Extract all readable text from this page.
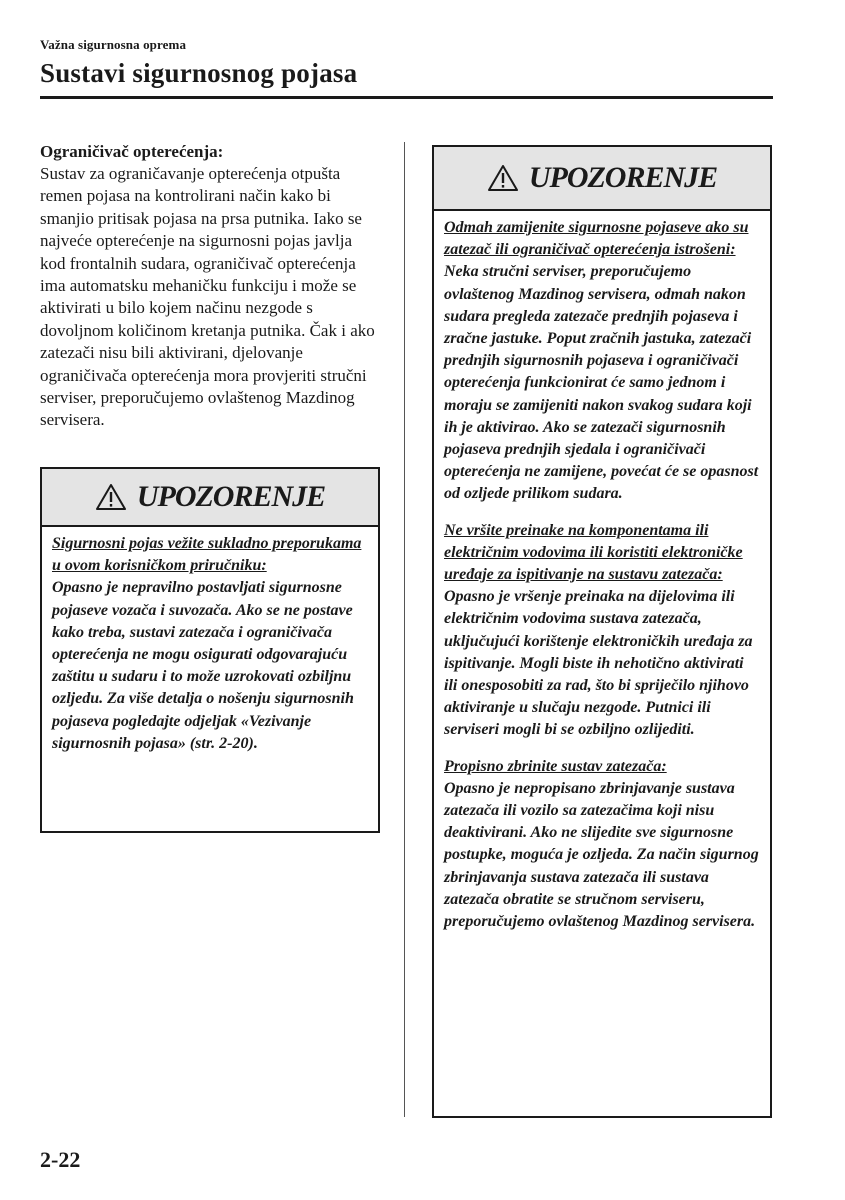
Važna sigurnosna oprema
Sustavi sigurnosnog pojasa
Ograničivač opterećenja:
Sustav za ograničavanje opterećenja otpušta remen pojasa na kontrolirani način kako bi smanjio pritisak pojasa na prsa putnika. Iako se najveće opterećenje na sigurnosni pojas javlja kod frontalnih sudara, ograničivač opterećenja ima automatsku mehaničku funkciju i može se aktivirati u bilo kojem načinu nezgode s dovoljnom količinom kretanja putnika. Čak i ako zatezači nisu bili aktivirani, djelovanje ograničivača opterećenja mora provjeriti stručni serviser, preporučujemo ovlaštenog Mazdinog servisera.
UPOZORENJE
Sigurnosni pojas vežite sukladno preporukama u ovom korisničkom priručniku:
Opasno je nepravilno postavljati sigurnosne pojaseve vozača i suvozača. Ako se ne postave kako treba, sustavi zatezača i ograničivača opterećenja ne mogu osigurati odgovarajuću zaštitu u sudaru i to može uzrokovati ozbiljnu ozljedu. Za više detalja o nošenju sigurnosnih pojaseva pogledajte odjeljak «Vezivanje sigurnosnih pojasa» (str. 2-20).
UPOZORENJE
Odmah zamijenite sigurnosne pojaseve ako su zatezač ili ograničivač opterećenja istrošeni:
Neka stručni serviser, preporučujemo ovlaštenog Mazdinog servisera, odmah nakon sudara pregleda zatezače prednjih pojaseva i zračne jastuke. Poput zračnih jastuka, zatezači prednjih sigurnosnih pojaseva i ograničivači opterećenja funkcionirat će samo jednom i moraju se zamijeniti nakon svakog sudara koji ih je aktivirao. Ako se zatezači sigurnosnih pojaseva prednjih sjedala i ograničivači opterećenja ne zamijene, povećat će se opasnost od ozljede prilikom sudara.
Ne vršite preinake na komponentama ili električnim vodovima ili koristiti elektroničke uređaje za ispitivanje na sustavu zatezača:
Opasno je vršenje preinaka na dijelovima ili električnim vodovima sustava zatezača, uključujući korištenje elektroničkih uređaja za ispitivanje. Mogli biste ih nehotično aktivirati ili onesposobiti za rad, što bi spriječilo njihovo aktiviranje u slučaju nezgode. Putnici ili serviseri mogli bi se ozbiljno ozlijediti.
Propisno zbrinite sustav zatezača:
Opasno je nepropisano zbrinjavanje sustava zatezača ili vozilo sa zatezačima koji nisu deaktivirani. Ako ne slijedite sve sigurnosne postupke, moguća je ozljeda. Za način sigurnog zbrinjavanja sustava zatezača ili sustava zatezača obratite se stručnom serviseru, preporučujemo ovlaštenog Mazdinog servisera.
2-22
